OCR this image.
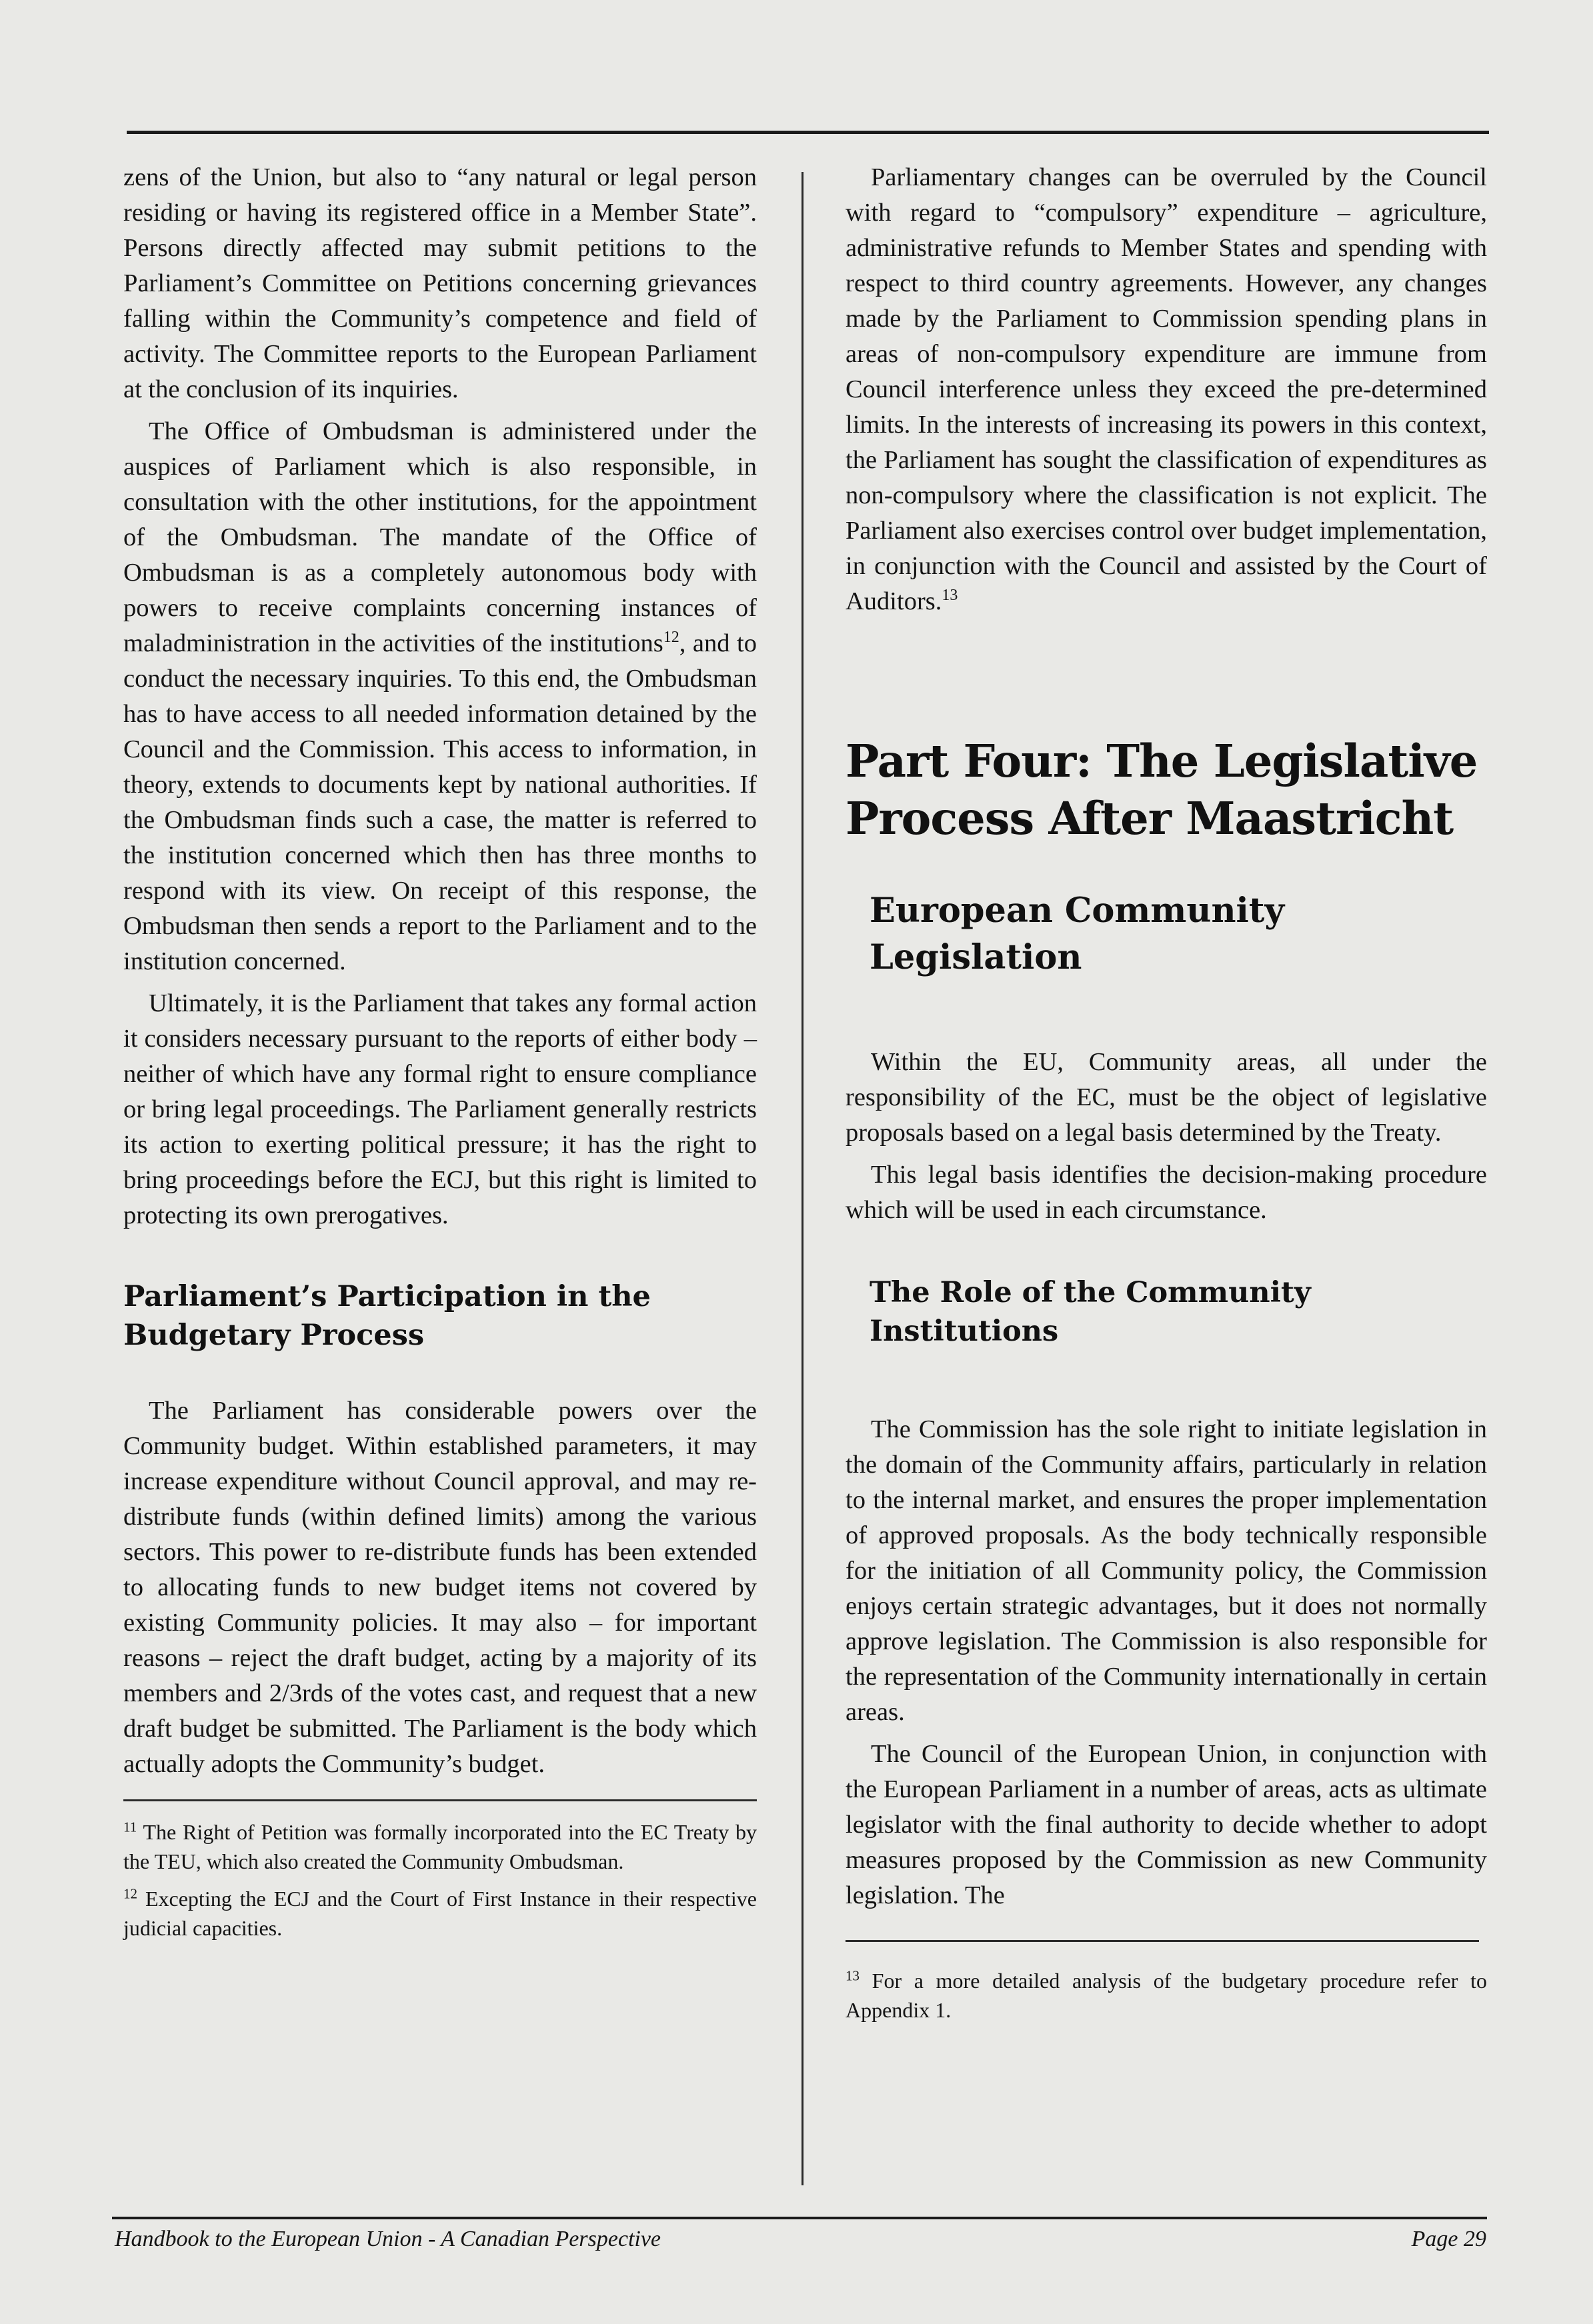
zens of the Union, but also to “any natural or legal person residing or having its registered office in a Member State”. Persons directly affected may submit petitions to the Parliament’s Committee on Petitions concerning grievances falling within the Community’s competence and field of activity. The Committee reports to the European Parliament at the conclusion of its inquiries.

The Office of Ombudsman is administered under the auspices of Parliament which is also responsible, in consultation with the other institutions, for the appointment of the Ombudsman. The mandate of the Office of Ombudsman is as a completely autonomous body with powers to receive complaints concerning instances of maladministration in the activities of the institutions$^{12}$, and to conduct the necessary inquiries. To this end, the Ombudsman has to have access to all needed information detained by the Council and the Commission. This access to information, in theory, extends to documents kept by national authorities. If the Ombudsman finds such a case, the matter is referred to the institution concerned which then has three months to respond with its view. On receipt of this response, the Ombudsman then sends a report to the Parliament and to the institution concerned.

Ultimately, it is the Parliament that takes any formal action it considers necessary pursuant to the reports of either body – neither of which have any formal right to ensure compliance or bring legal proceedings. The Parliament generally restricts its action to exerting political pressure; it has the right to bring proceedings before the ECJ, but this right is limited to protecting its own prerogatives.

Parliament’s Participation in the Budgetary Process

The Parliament has considerable powers over the Community budget. Within established parameters, it may increase expenditure without Council approval, and may re-distribute funds (within defined limits) among the various sectors. This power to re-distribute funds has been extended to allocating funds to new budget items not covered by existing Community policies. It may also – for important reasons – reject the draft budget, acting by a majority of its members and 2/3rds of the votes cast, and request that a new draft budget be submitted. The Parliament is the body which actually adopts the Community’s budget.

$^{11}$ The Right of Petition was formally incorporated into the EC Treaty by the TEU, which also created the Community Ombudsman.

$^{12}$ Excepting the ECJ and the Court of First Instance in their respective judicial capacities.

Parliamentary changes can be overruled by the Council with regard to “compulsory” expenditure – agriculture, administrative refunds to Member States and spending with respect to third country agreements. However, any changes made by the Parliament to Commission spending plans in areas of non-compulsory expenditure are immune from Council interference unless they exceed the pre-determined limits. In the interests of increasing its powers in this context, the Parliament has sought the classification of expenditures as non-compulsory where the classification is not explicit. The Parliament also exercises control over budget implementation, in conjunction with the Council and assisted by the Court of Auditors.$^{13}$

Part Four: The Legislative
Process After Maastricht
European Community
Legislation

Within the EU, Community areas, all under the responsibility of the EC, must be the object of legislative proposals based on a legal basis determined by the Treaty.

This legal basis identifies the decision-making procedure which will be used in each circumstance.

The Role of the Community
Institutions

The Commission has the sole right to initiate legislation in the domain of the Community affairs, particularly in relation to the internal market, and ensures the proper implementation of approved proposals. As the body technically responsible for the initiation of all Community policy, the Commission enjoys certain strategic advantages, but it does not normally approve legislation. The Commission is also responsible for the representation of the Community internationally in certain areas.

The Council of the European Union, in conjunction with the European Parliament in a number of areas, acts as ultimate legislator with the final authority to decide whether to adopt measures proposed by the Commission as new Community legislation. The

$^{13}$ For a more detailed analysis of the budgetary procedure refer to Appendix 1.

Handbook to the European Union - A Canadian Perspective	Page 29
